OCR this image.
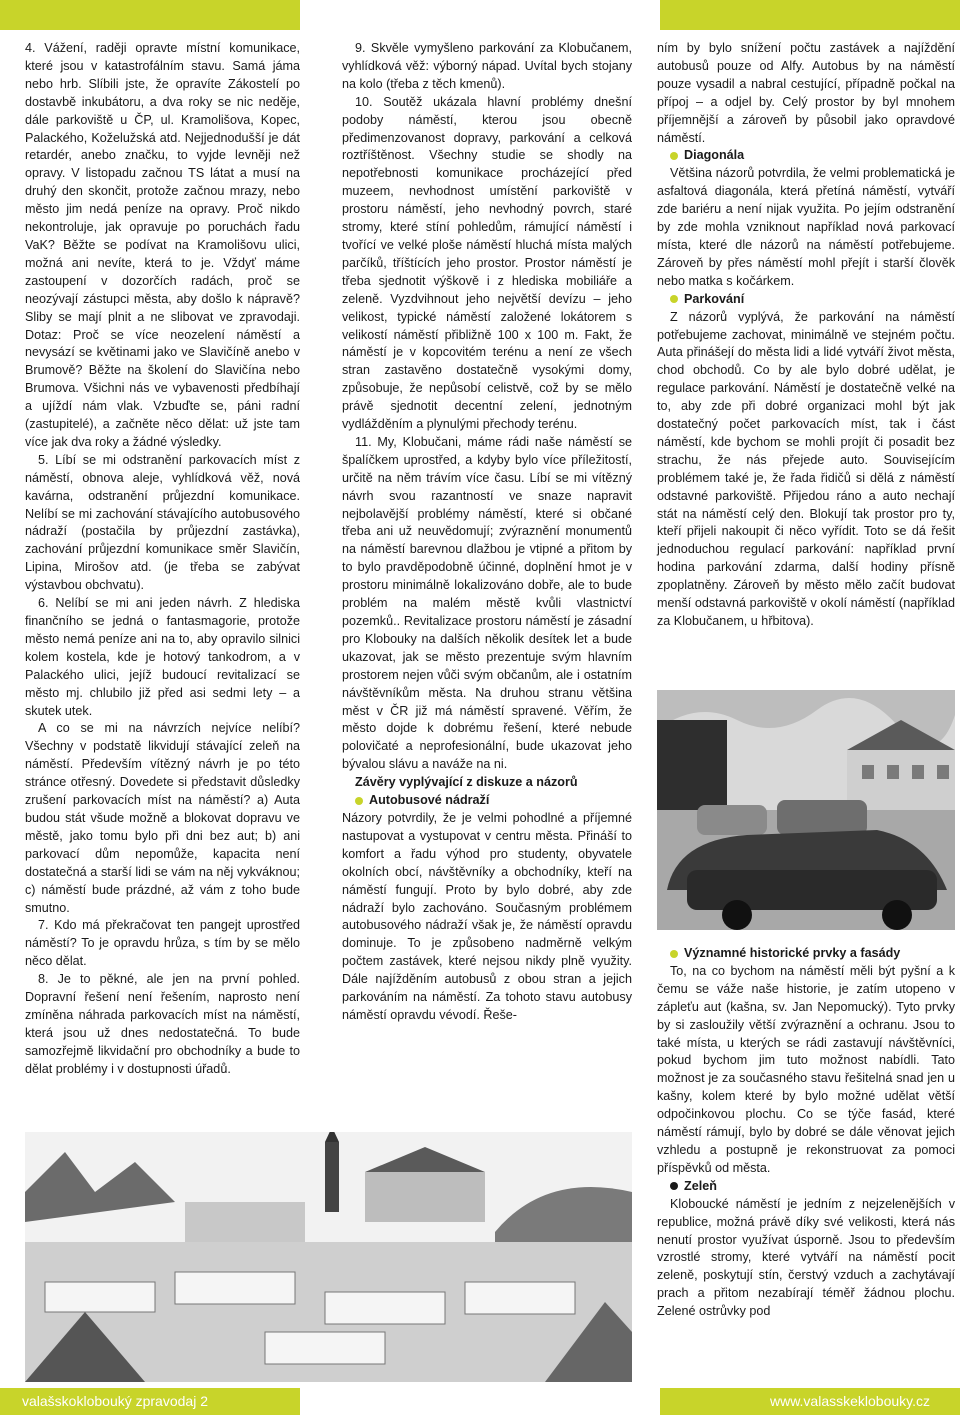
4. Vážení, raději opravte místní komunikace, které jsou v katastrofálním stavu. Samá jáma nebo hrb. Slíbili jste, že opravíte Zákostelí po dostavbě inkubátoru, a dva roky se nic neděje, dále parkoviště u ČP, ul. Kramolišova, Kopec, Palackého, Koželužská atd. Nejjednodušší je dát retardér, anebo značku, to vyjde levněji než opravy. V listopadu začnou TS látat a musí na druhý den skončit, protože začnou mrazy, nebo město jim nedá peníze na opravy. Proč nikdo nekontroluje, jak opravuje po poruchách řadu VaK? Běžte se podívat na Kramolišovu ulici, možná ani nevíte, která to je. Vždyť máme zastoupení v dozorčích radách, proč se neozývají zástupci města, aby došlo k nápravě? Sliby se mají plnit a ne slibovat ve zpravodaji. Dotaz: Proč se více neozelení náměstí a nevysází se květinami jako ve Slavičíně anebo v Brumově? Běžte na školení do Slavičína nebo Brumova. Všichni nás ve vybavenosti předbíhají a ujíždí nám vlak. Vzbuďte se, páni radní (zastupitelé), a začněte něco dělat: už jste tam více jak dva roky a žádné výsledky.

5. Líbí se mi odstranění parkovacích míst z náměstí, obnova aleje, vyhlídková věž, nová kavárna, odstranění průjezdní komunikace. Nelíbí se mi zachování stávajícího autobusového nádraží (postačila by průjezdní zastávka), zachování průjezdní komunikace směr Slavičín, Lipina, Mirošov atd. (je třeba se zabývat výstavbou obchvatu).

6. Nelíbí se mi ani jeden návrh. Z hlediska finančního se jedná o fantasmagorie, protože město nemá peníze ani na to, aby opravilo silnici kolem kostela, kde je hotový tankodrom, a v Palackého ulici, jejíž budoucí revitalizací se město mj. chlubilo již před asi sedmi lety – a skutek utek.

A co se mi na návrzích nejvíce nelíbí? Všechny v podstatě likvidují stávající zeleň na náměstí. Především vítězný návrh je po této stránce otřesný. Dovedete si představit důsledky zrušení parkovacích míst na náměstí? a) Auta budou stát všude možně a blokovat dopravu ve městě, jako tomu bylo při dni bez aut; b) ani parkovací dům nepomůže, kapacita není dostatečná a starší lidi se vám na něj vykváknou; c) náměstí bude prázdné, až vám z toho bude smutno.

7. Kdo má překračovat ten pangejt uprostřed náměstí? To je opravdu hrůza, s tím by se mělo něco dělat.

8. Je to pěkné, ale jen na první pohled. Dopravní řešení není řešením, naprosto není zmíněna náhrada parkovacích míst na náměstí, která jsou už dnes nedostatečná. To bude samozřejmě likvidační pro obchodníky a bude to dělat problémy i v dostupnosti úřadů.

9. Skvěle vymyšleno parkování za Klobučanem, vyhlídková věž: výborný nápad. Uvítal bych stojany na kolo (třeba z těch kmenů).

10. Soutěž ukázala hlavní problémy dnešní podoby náměstí, kterou jsou obecně předimenzovanost dopravy, parkování a celková roztříštěnost. Všechny studie se shodly na nepotřebnosti komunikace procházející před muzeem, nevhodnost umístění parkoviště v prostoru náměstí, jeho nevhodný povrch, staré stromy, které stíní pohledům, rámující náměstí i tvořící ve velké ploše náměstí hluchá místa malých parčíků, tříštících jeho prostor. Prostor náměstí je třeba sjednotit výškově i z hlediska mobiliáře a zeleně. Vyzdvihnout jeho největší devízu – jeho velikost, typické náměstí založené lokátorem s velikostí náměstí přibližně 100 x 100 m. Fakt, že náměstí je v kopcovitém terénu a není ze všech stran zastavěno dostatečně vysokými domy, způsobuje, že nepůsobí celistvě, což by se mělo právě sjednotit decentní zelení, jednotným vydlážděním a plynulými přechody terénu.

11. My, Klobučani, máme rádi naše náměstí se špalíčkem uprostřed, a kdyby bylo více příležitostí, určitě na něm trávím více času. Líbí se mi vítězný návrh svou razantností ve snaze napravit nejbolavější problémy náměstí, které si občané třeba ani už neuvědomují; zvýraznění monumentů na náměstí barevnou dlažbou je vtipné a přitom by to bylo pravděpodobně účinné, doplnění hmot je v prostoru minimálně lokalizováno dobře, ale to bude problém na malém městě kvůli vlastnictví pozemků.. Revitalizace prostoru náměstí je zásadní pro Klobouky na dalších několik desítek let a bude ukazovat, jak se město prezentuje svým hlavním prostorem nejen vůči svým občanům, ale i ostatním návštěvníkům města. Na druhou stranu většina měst v ČR již má náměstí spravené. Věřím, že město dojde k dobrému řešení, které nebude polovičaté a neprofesionální, bude ukazovat jeho bývalou slávu a naváže na ni.

Závěry vyplývající z diskuze a názorů

Autobusové nádraží

Názory potvrdily, že je velmi pohodlné a příjemné nastupovat a vystupovat v centru města. Přináší to komfort a řadu výhod pro studenty, obyvatele okolních obcí, návštěvníky a obchodníky, kteří na náměstí fungují. Proto by bylo dobré, aby zde nádraží bylo zachováno. Současným problémem autobusového nádraží však je, že náměstí opravdu dominuje. To je způsobeno nadměrně velkým počtem zastávek, které nejsou nikdy plně využity. Dále najížděním autobusů z obou stran a jejich parkováním na náměstí. Za tohoto stavu autobusy náměstí opravdu vévodí. Řeše-

ním by bylo snížení počtu zastávek a najíždění autobusů pouze od Alfy. Autobus by na náměstí pouze vysadil a nabral cestující, případně počkal na přípoj – a odjel by. Celý prostor by byl mnohem příjemnější a zároveň by působil jako opravdové náměstí.

Diagonála

Většina názorů potvrdila, že velmi problematická je asfaltová diagonála, která přetíná náměstí, vytváří zde bariéru a není nijak využita. Po jejím odstranění by zde mohla vzniknout například nová parkovací místa, které dle názorů na náměstí potřebujeme. Zároveň by přes náměstí mohl přejít i starší člověk nebo matka s kočárkem.

Parkování

Z názorů vyplývá, že parkování na náměstí potřebujeme zachovat, minimálně ve stejném počtu. Auta přinášejí do města lidi a lidé vytváří život města, chod obchodů. Co by ale bylo dobré udělat, je regulace parkování. Náměstí je dostatečně velké na to, aby zde při dobré organizaci mohl být jak dostatečný počet parkovacích míst, tak i část náměstí, kde bychom se mohli projít či posadit bez strachu, že nás přejede auto. Souvisejícím problémem také je, že řada řidičů si dělá z náměstí odstavné parkoviště. Přijedou ráno a auto nechají stát na náměstí celý den. Blokují tak prostor pro ty, kteří přijeli nakoupit či něco vyřídit. Toto se dá řešit jednoduchou regulací parkování: například první hodina parkování zdarma, další hodiny přísně zpoplatněny. Zároveň by město mělo začít budovat menší odstavná parkoviště v okolí náměstí (například za Klobučanem, u hřbitova).

Významné historické prvky a fasády

To, na co bychom na náměstí měli být pyšní a k čemu se váže naše historie, je zatím utopeno v zápleťu aut (kašna, sv. Jan Nepomucký). Tyto prvky by si zasloužily větší zvýraznění a ochranu. Jsou to také místa, u kterých se rádi zastavují návštěvníci, pokud bychom jim tuto možnost nabídli. Tato možnost je za současného stavu řešitelná snad jen u kašny, kolem které by bylo možné udělat větší odpočinkovou plochu. Co se týče fasád, které náměstí rámují, bylo by dobré se dále věnovat jejich vzhledu a postupně je rekonstruovat za pomoci příspěvků od města.

Zeleň

Kloboucké náměstí je jedním z nejzelenějších v republice, možná právě díky své velikosti, která nás nenutí prostor využívat úsporně. Jsou to především vzrostlé stromy, které vytváří na náměstí pocit zeleně, poskytují stín, čerstvý vzduch a zachytávají prach a přitom nezabírají téměř žádnou plochu. Zelené ostrůvky pod

valašskoklobouký zpravodaj 2	www.valasskeklobouky.cz
